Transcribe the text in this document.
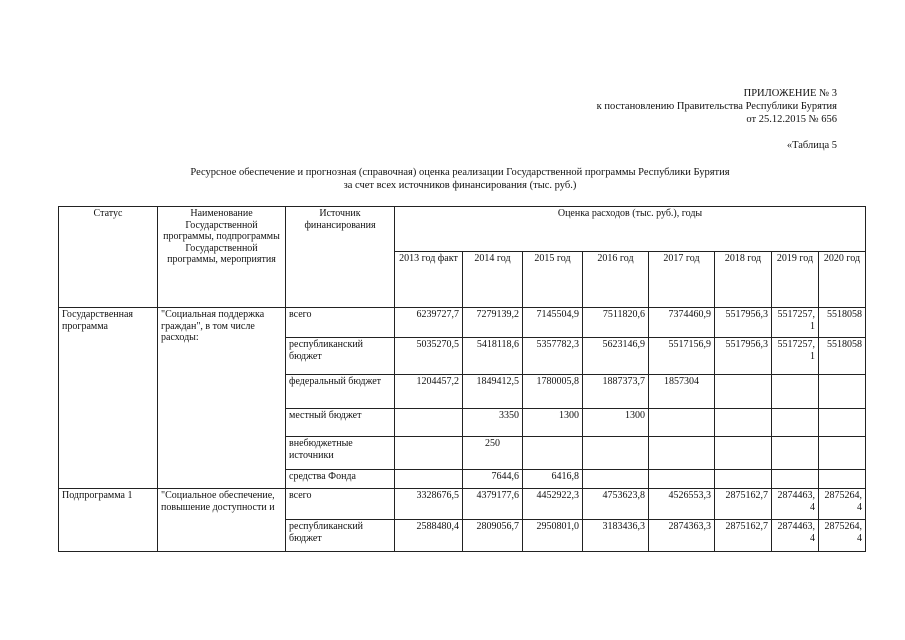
ПРИЛОЖЕНИЕ № 3
к постановлению Правительства Республики Бурятия
от 25.12.2015 № 656
«Таблица 5
Ресурсное обеспечение и прогнозная (справочная) оценка реализации Государственной программы Республики Бурятия
за счет всех источников финансирования (тыс. руб.)
Статус	Наименование Государственной программы, подпрограммы Государственной программы, мероприятия	Источник финансирования	Оценка расходов (тыс. руб.), годы							
			2013 год факт	2014 год	2015 год	2016 год	2017 год	2018 год	2019 год	2020 год
Государственная программа	"Социальная поддержка граждан", в том числе расходы:	всего	6239727,7	7279139,2	7145504,9	7511820,6	7374460,9	5517956,3	5517257,1	5518058
		республиканский бюджет	5035270,5	5418118,6	5357782,3	5623146,9	5517156,9	5517956,3	5517257,1	5518058
		федеральный бюджет	1204457,2	1849412,5	1780005,8	1887373,7	1857304			
		местный бюджет		3350	1300	1300				
		внебюджетные источники		250						
		средства Фонда		7644,6	6416,8					
Подпрограмма 1	"Социальное обеспечение, повышение доступности и	всего	3328676,5	4379177,6	4452922,3	4753623,8	4526553,3	2875162,7	2874463,4	2875264,4
		республиканский бюджет	2588480,4	2809056,7	2950801,0	3183436,3	2874363,3	2875162,7	2874463,4	2875264,4
